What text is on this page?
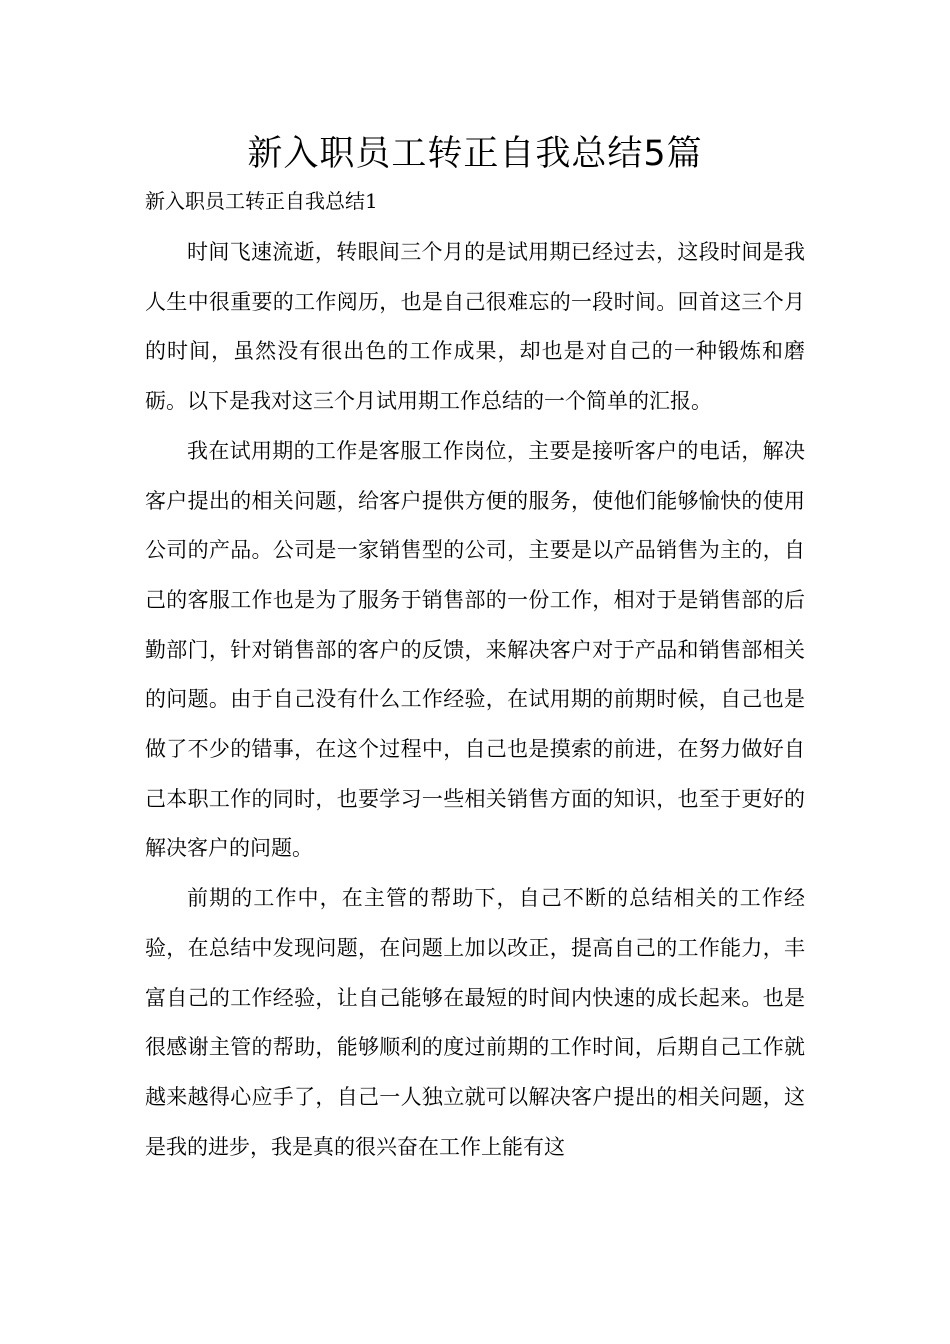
新入职员工转正自我总结5篇
新入职员工转正自我总结1

时间飞速流逝，转眼间三个月的是试用期已经过去，这段时间是我人生中很重要的工作阅历，也是自己很难忘的一段时间。回首这三个月的时间，虽然没有很出色的工作成果，却也是对自己的一种锻炼和磨砺。以下是我对这三个月试用期工作总结的一个简单的汇报。

我在试用期的工作是客服工作岗位，主要是接听客户的电话，解决客户提出的相关问题，给客户提供方便的服务，使他们能够愉快的使用公司的产品。公司是一家销售型的公司，主要是以产品销售为主的，自己的客服工作也是为了服务于销售部的一份工作，相对于是销售部的后勤部门，针对销售部的客户的反馈，来解决客户对于产品和销售部相关的问题。由于自己没有什么工作经验，在试用期的前期时候，自己也是做了不少的错事，在这个过程中，自己也是摸索的前进，在努力做好自己本职工作的同时，也要学习一些相关销售方面的知识，也至于更好的解决客户的问题。

前期的工作中，在主管的帮助下，自己不断的总结相关的工作经验，在总结中发现问题，在问题上加以改正，提高自己的工作能力，丰富自己的工作经验，让自己能够在最短的时间内快速的成长起来。也是很感谢主管的帮助，能够顺利的度过前期的工作时间，后期自己工作就越来越得心应手了，自己一人独立就可以解决客户提出的相关问题，这是我的进步，我是真的很兴奋在工作上能有这
